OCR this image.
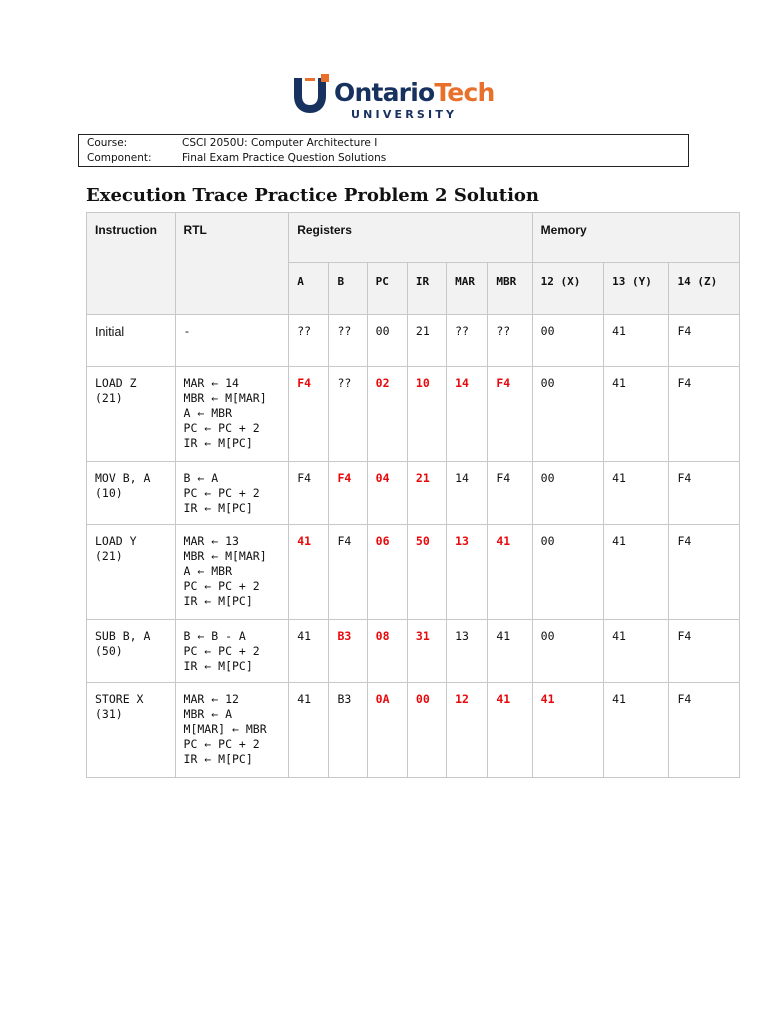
OntarioTech
UNIVERSITY
Course:	CSCI 2050U: Computer Architecture I
Component:	Final Exam Practice Question Solutions
Execution Trace Practice Problem 2 Solution
Instruction	RTL	Registers						Memory		
		A	B	PC	IR	MAR	MBR	12 (X)	13 (Y)	14 (Z)

Initial	-	??	??	00	21	??	??	00	41	F4

LOAD Z
(21)	MAR ← 14
MBR ← M[MAR]
A ← MBR
PC ← PC + 2
IR ← M[PC]	F4	??	02	10	14	F4	00	41	F4

MOV B, A
(10)	B ← A
PC ← PC + 2
IR ← M[PC]	F4	F4	04	21	14	F4	00	41	F4

LOAD Y
(21)	MAR ← 13
MBR ← M[MAR]
A ← MBR
PC ← PC + 2
IR ← M[PC]	41	F4	06	50	13	41	00	41	F4

SUB B, A
(50)	B ← B - A
PC ← PC + 2
IR ← M[PC]	41	B3	08	31	13	41	00	41	F4

STORE X
(31)	MAR ← 12
MBR ← A
M[MAR] ← MBR
PC ← PC + 2
IR ← M[PC]	41	B3	0A	00	12	41	41	41	F4
